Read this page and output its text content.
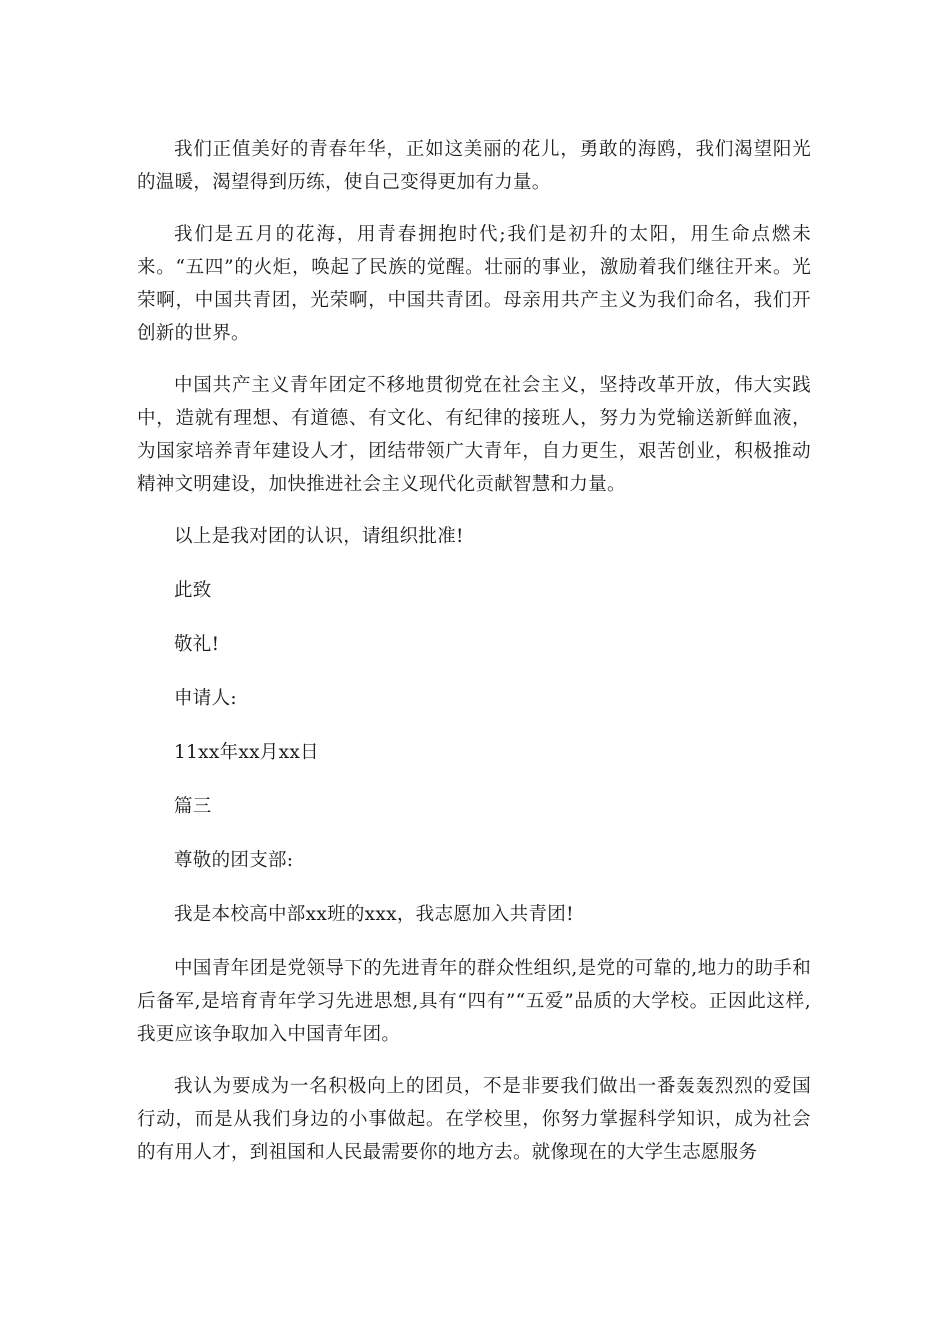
我们正值美好的青春年华，正如这美丽的花儿，勇敢的海鸥，我们渴望阳光的温暖，渴望得到历练，使自己变得更加有力量。

我们是五月的花海，用青春拥抱时代;我们是初升的太阳，用生命点燃未来。“五四”的火炬，唤起了民族的觉醒。壮丽的事业，激励着我们继往开来。光荣啊，中国共青团，光荣啊，中国共青团。母亲用共产主义为我们命名，我们开创新的世界。

中国共产主义青年团定不移地贯彻党在社会主义，坚持改革开放，伟大实践中，造就有理想、有道德、有文化、有纪律的接班人，努力为党输送新鲜血液，为国家培养青年建设人才，团结带领广大青年，自力更生，艰苦创业，积极推动精神文明建设，加快推进社会主义现代化贡献智慧和力量。

以上是我对团的认识，请组织批准!

此致

敬礼!

申请人:

11xx年xx月xx日

篇三

尊敬的团支部:

我是本校高中部xx班的xxx，我志愿加入共青团!

中国青年团是党领导下的先进青年的群众性组织,是党的可靠的,地力的助手和后备军,是培育青年学习先进思想,具有“四有”“五爱”品质的大学校。正因此这样,我更应该争取加入中国青年团。

我认为要成为一名积极向上的团员，不是非要我们做出一番轰轰烈烈的爱国行动，而是从我们身边的小事做起。在学校里，你努力掌握科学知识，成为社会的有用人才，到祖国和人民最需要你的地方去。就像现在的大学生志愿服务
